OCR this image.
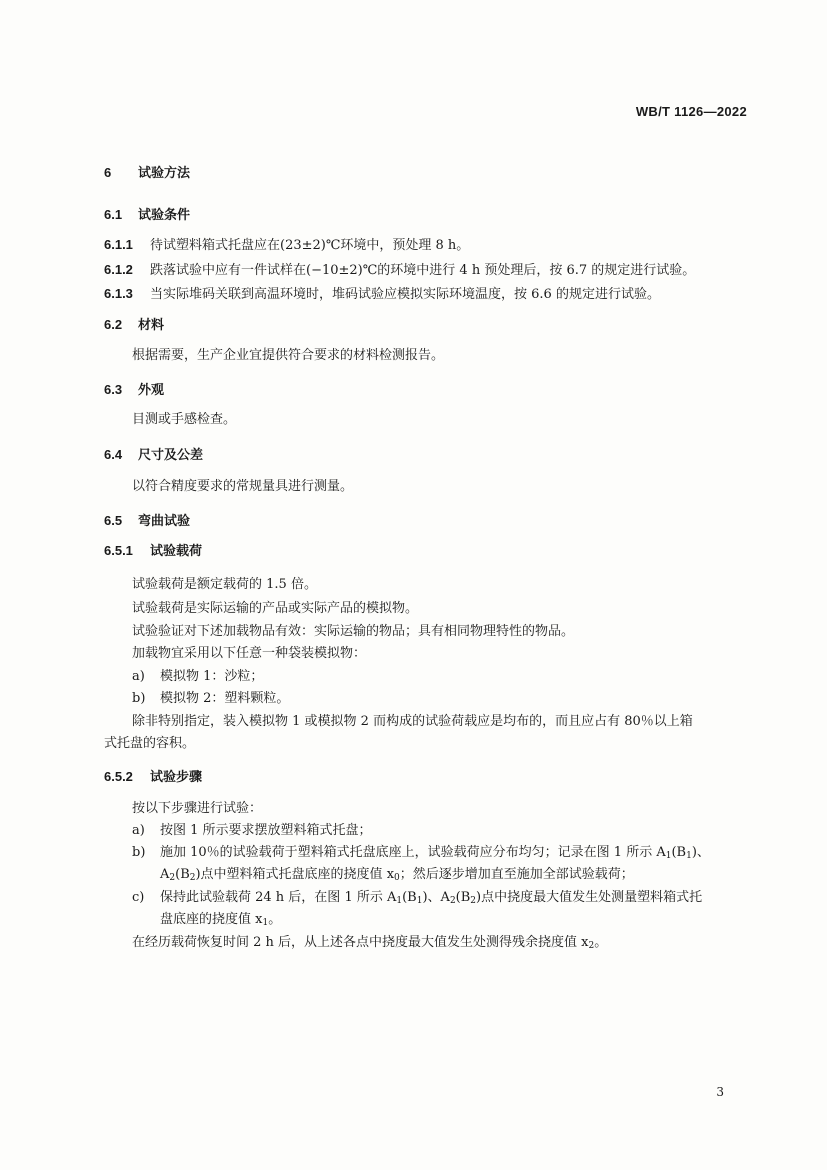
WB/T 1126—2022
6 试验方法
6.1 试验条件
6.1.1 待试塑料箱式托盘应在(23±2)℃环境中，预处理 8 h。
6.1.2 跌落试验中应有一件试样在(−10±2)℃的环境中进行 4 h 预处理后，按 6.7 的规定进行试验。
6.1.3 当实际堆码关联到高温环境时，堆码试验应模拟实际环境温度，按 6.6 的规定进行试验。
6.2 材料
根据需要，生产企业宜提供符合要求的材料检测报告。
6.3 外观
目测或手感检查。
6.4 尺寸及公差
以符合精度要求的常规量具进行测量。
6.5 弯曲试验
6.5.1 试验载荷
试验载荷是额定载荷的 1.5 倍。
试验载荷是实际运输的产品或实际产品的模拟物。
试验验证对下述加载物品有效：实际运输的物品；具有相同物理特性的物品。
加载物宜采用以下任意一种袋装模拟物：
a) 模拟物 1：沙粒；
b) 模拟物 2：塑料颗粒。
除非特别指定，装入模拟物 1 或模拟物 2 而构成的试验荷载应是均布的，而且应占有 80％以上箱
式托盘的容积。
6.5.2 试验步骤
按以下步骤进行试验：
a) 按图 1 所示要求摆放塑料箱式托盘；
b) 施加 10％的试验载荷于塑料箱式托盘底座上，试验载荷应分布均匀；记录在图 1 所示 $A_1(B_1)$、
$A_2(B_2)$点中塑料箱式托盘底座的挠度值 $x_0$；然后逐步增加直至施加全部试验载荷；
c) 保持此试验载荷 24 h 后，在图 1 所示 $A_1(B_1)$、$A_2(B_2)$点中挠度最大值发生处测量塑料箱式托
盘底座的挠度值 $x_1$。
在经历载荷恢复时间 2 h 后，从上述各点中挠度最大值发生处测得残余挠度值 $x_2$。
3
